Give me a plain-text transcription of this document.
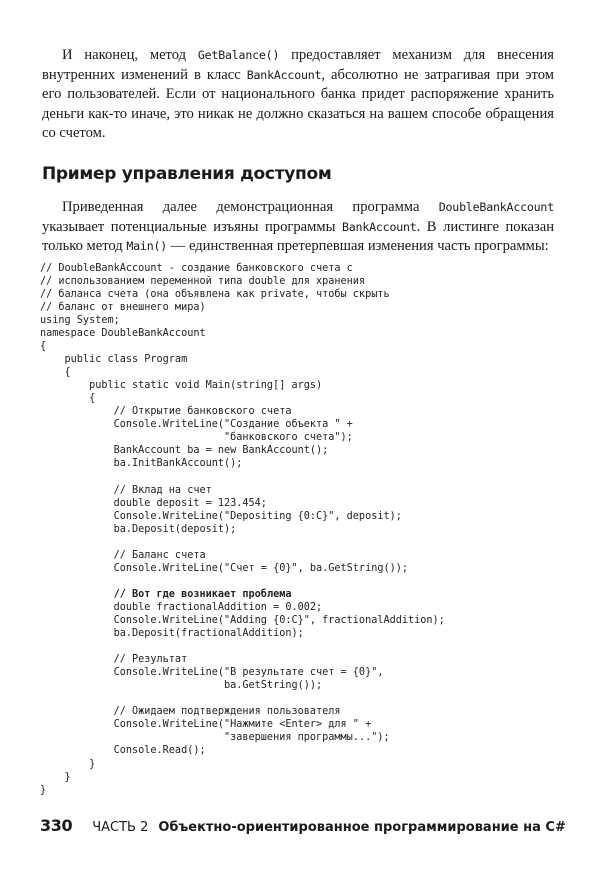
И наконец, метод GetBalance() предоставляет механизм для внесения внутренних изменений в класс BankAccount, абсолютно не затрагивая при этом его пользователей. Если от национального банка придет распоряжение хранить деньги как-то иначе, это никак не должно сказаться на вашем способе обращения со счетом.

Пример управления доступом

Приведенная далее демонстрационная программа DoubleBankAccount указывает потенциальные изъяны программы BankAccount. В листинге показан только метод Main() — единственная претерпевшая изменения часть программы:

// DoubleBankAccount - создание банковского счета с
// использованием переменной типа double для хранения
// баланса счета (она объявлена как private, чтобы скрыть
// баланс от внешнего мира)
using System;
namespace DoubleBankAccount
{
public class Program
{
public static void Main(string[] args)
{
// Открытие банковского счета
Console.WriteLine("Создание объекта " +
"банковского счета");
BankAccount ba = new BankAccount();
ba.InitBankAccount();

// Вклад на счет
double deposit = 123.454;
Console.WriteLine("Depositing {0:C}", deposit);
ba.Deposit(deposit);

// Баланс счета
Console.WriteLine("Счет = {0}", ba.GetString());

// Вот где возникает проблема
double fractionalAddition = 0.002;
Console.WriteLine("Adding {0:C}", fractionalAddition);
ba.Deposit(fractionalAddition);

// Результат
Console.WriteLine("В результате счет = {0}",
ba.GetString());

// Ожидаем подтверждения пользователя
Console.WriteLine("Нажмите <Enter> для " +
"завершения программы...");
Console.Read();
}
}
}
330 ЧАСТЬ 2 Объектно-ориентированное программирование на C#
